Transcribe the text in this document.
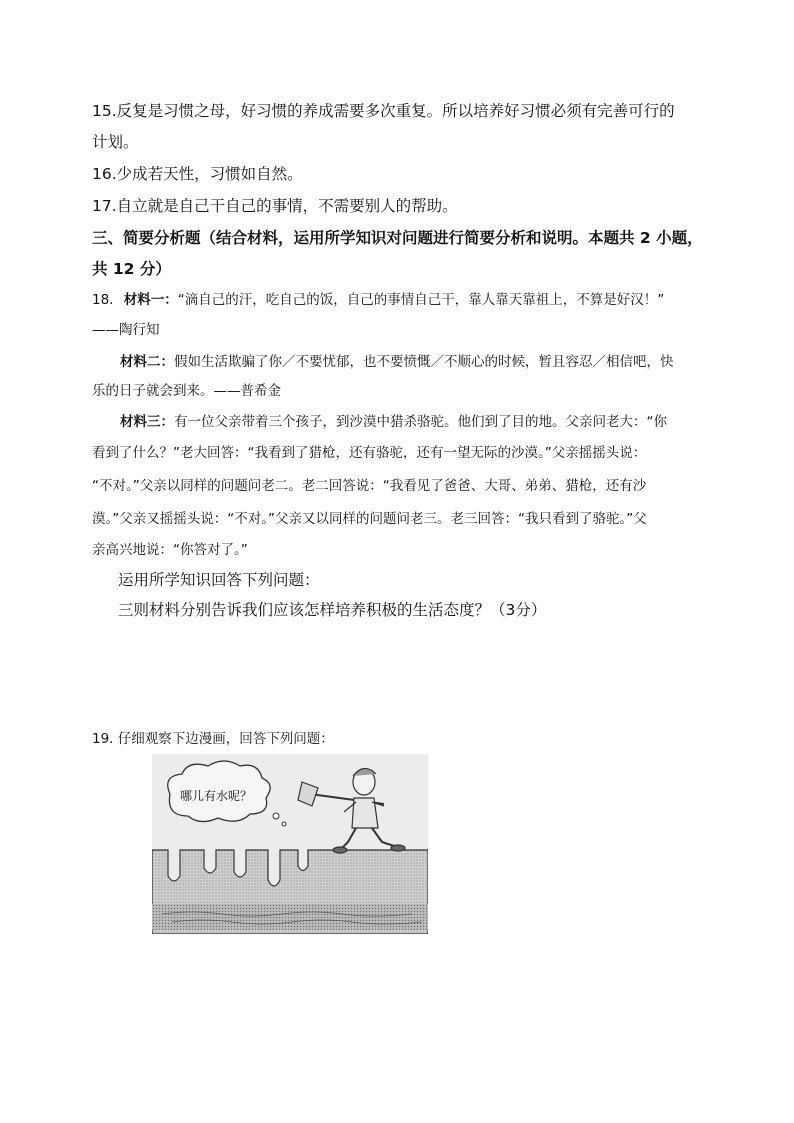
15.反复是习惯之母，好习惯的养成需要多次重复。所以培养好习惯必须有完善可行的
计划。
16.少成若天性，习惯如自然。
17.自立就是自己干自己的事情，不需要别人的帮助。
三、简要分析题（结合材料，运用所学知识对问题进行简要分析和说明。本题共 2 小题，
共 12 分）
18. 材料一：“滴自己的汗，吃自己的饭，自己的事情自己干，靠人靠天靠祖上，不算是好汉！”
——陶行知
材料二：假如生活欺骗了你／不要忧郁，也不要愤慨／不顺心的时候，暂且容忍／相信吧，快
乐的日子就会到来。——普希金
材料三：有一位父亲带着三个孩子，到沙漠中猎杀骆驼。他们到了目的地。父亲问老大：“你
看到了什么？”老大回答：“我看到了猎枪，还有骆驼，还有一望无际的沙漠。”父亲摇摇头说：
“不对。”父亲以同样的问题问老二。老二回答说：“我看见了爸爸、大哥、弟弟、猎枪，还有沙
漠。”父亲又摇摇头说：“不对。”父亲又以同样的问题问老三。老三回答：“我只看到了骆驼。”父
亲高兴地说：“你答对了。”
运用所学知识回答下列问题：
三则材料分别告诉我们应该怎样培养积极的生活态度？（3分）
19. 仔细观察下边漫画，回答下列问题：
哪儿有水呢？
